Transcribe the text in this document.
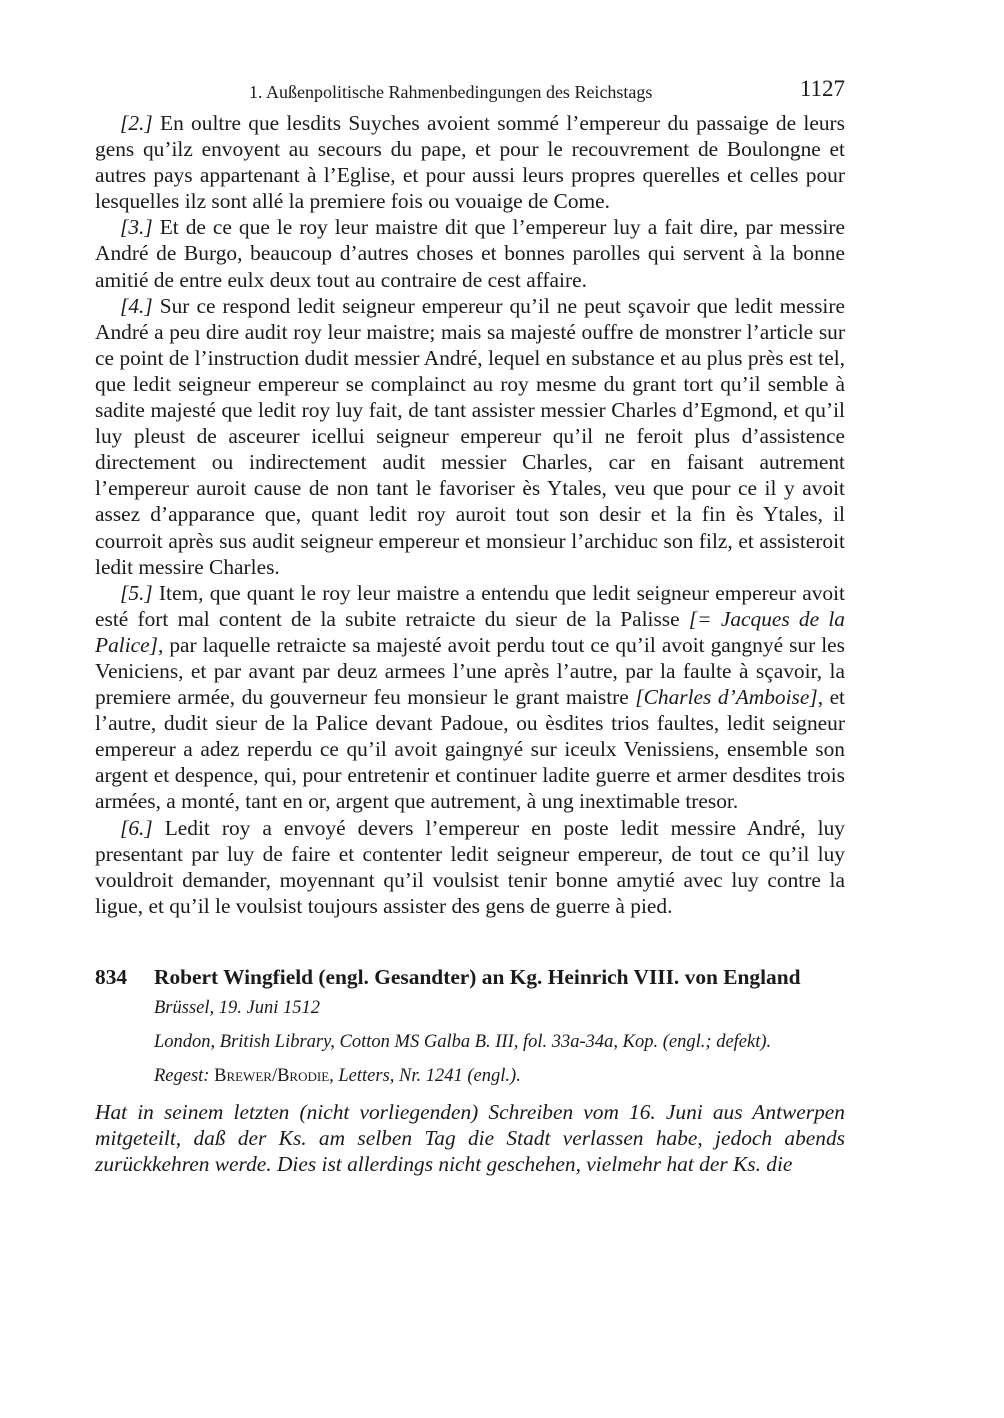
1. Außenpolitische Rahmenbedingungen des Reichstags	1127

[2.] En oultre que lesdits Suyches avoient sommé l’empereur du passaige de leurs gens qu’ilz envoyent au secours du pape, et pour le recouvrement de Boulongne et autres pays appartenant à l’Eglise, et pour aussi leurs propres querelles et celles pour lesquelles ilz sont allé la premiere fois ou vouaige de Come.

[3.] Et de ce que le roy leur maistre dit que l’empereur luy a fait dire, par messire André de Burgo, beaucoup d’autres choses et bonnes parolles qui servent à la bonne amitié de entre eulx deux tout au contraire de cest affaire.

[4.] Sur ce respond ledit seigneur empereur qu’il ne peut sçavoir que ledit messire André a peu dire audit roy leur maistre; mais sa majesté ouffre de monstrer l’article sur ce point de l’instruction dudit messier André, lequel en substance et au plus près est tel, que ledit seigneur empereur se complainct au roy mesme du grant tort qu’il semble à sadite majesté que ledit roy luy fait, de tant assister messier Charles d’Egmond, et qu’il luy pleust de asceurer icellui seigneur empereur qu’il ne feroit plus d’assistence directement ou indirectement audit messier Charles, car en faisant autrement l’empereur auroit cause de non tant le favoriser ès Ytales, veu que pour ce il y avoit assez d’apparance que, quant ledit roy auroit tout son desir et la fin ès Ytales, il courroit après sus audit seigneur empereur et monsieur l’archiduc son filz, et assisteroit ledit messire Charles.

[5.] Item, que quant le roy leur maistre a entendu que ledit seigneur empereur avoit esté fort mal content de la subite retraicte du sieur de la Palisse [= Jacques de la Palice], par laquelle retraicte sa majesté avoit perdu tout ce qu’il avoit gangnyé sur les Veniciens, et par avant par deuz armees l’une après l’autre, par la faulte à sçavoir, la premiere armée, du gouverneur feu monsieur le grant maistre [Charles d’Amboise], et l’autre, dudit sieur de la Palice devant Padoue, ou èsdites trios faultes, ledit seigneur empereur a adez reperdu ce qu’il avoit gaingnyé sur iceulx Venissiens, ensemble son argent et despence, qui, pour entretenir et continuer ladite guerre et armer desdites trois armées, a monté, tant en or, argent que autrement, à ung inextimable tresor.

[6.] Ledit roy a envoyé devers l’empereur en poste ledit messire André, luy presentant par luy de faire et contenter ledit seigneur empereur, de tout ce qu’il luy vouldroit demander, moyennant qu’il voulsist tenir bonne amytié avec luy contre la ligue, et qu’il le voulsist toujours assister des gens de guerre à pied.

834 Robert Wingfield (engl. Gesandter) an Kg. Heinrich VIII. von England
Brüssel, 19. Juni 1512
London, British Library, Cotton MS Galba B. III, fol. 33a-34a, Kop. (engl.; defekt).
Regest: Brewer/Brodie, Letters, Nr. 1241 (engl.).

Hat in seinem letzten (nicht vorliegenden) Schreiben vom 16. Juni aus Antwerpen mitgeteilt, daß der Ks. am selben Tag die Stadt verlassen habe, jedoch abends zurückkehren werde. Dies ist allerdings nicht geschehen, vielmehr hat der Ks. die
